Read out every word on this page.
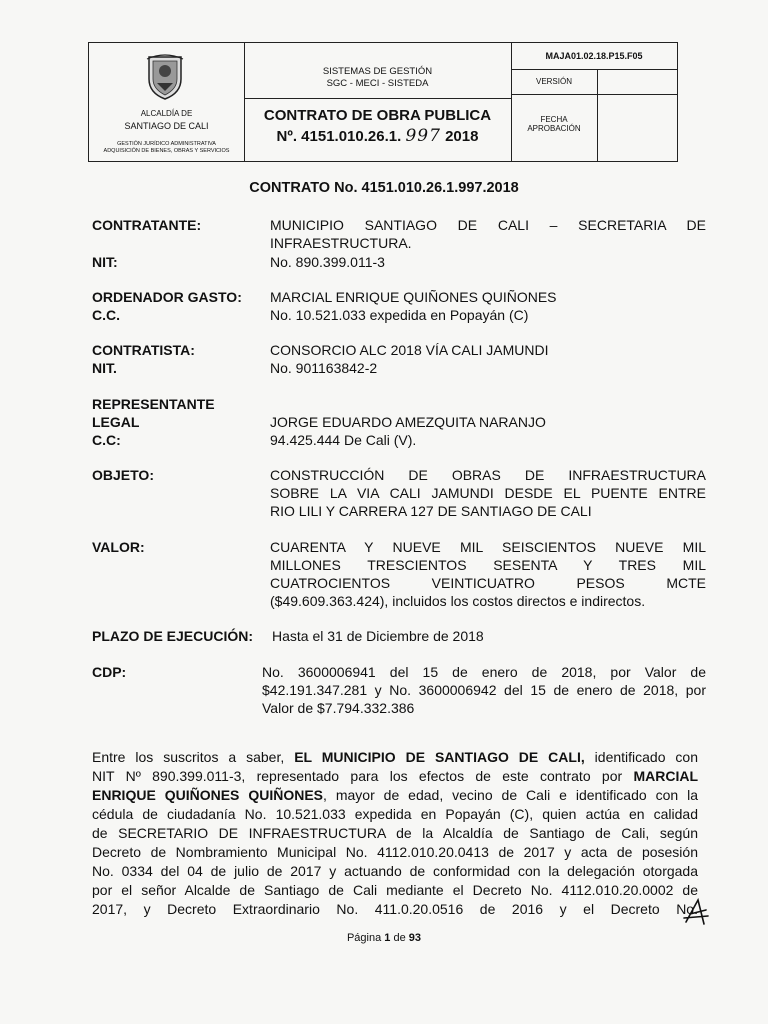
ALCALDÍA DE
SANTIAGO DE CALI
GESTIÓN JURÍDICO ADMINISTRATIVA
ADQUISICIÓN DE BIENES, OBRAS Y SERVICIOS
SISTEMAS DE GESTIÓN
SGC - MECI - SISTEDA
CONTRATO DE OBRA PUBLICA
Nº. 4151.010.26.1. 997 2018
MAJA01.02.18.P15.F05
VERSIÓN
FECHA
APROBACIÓN
CONTRATO No. 4151.010.26.1.997.2018
CONTRATANTE:	MUNICIPIO SANTIAGO DE CALI – SECRETARIA DE
INFRAESTRUCTURA.
NIT:	No. 890.399.011-3
ORDENADOR GASTO: MARCIAL ENRIQUE QUIÑONES QUIÑONES
C.C.	No. 10.521.033 expedida en Popayán (C)
CONTRATISTA:	CONSORCIO ALC 2018 VÍA CALI JAMUNDI
NIT.	No. 901163842-2
REPRESENTANTE
LEGAL	JORGE EDUARDO AMEZQUITA NARANJO
C.C:	94.425.444 De Cali (V).
OBJETO:	CONSTRUCCIÓN DE OBRAS DE INFRAESTRUCTURA
SOBRE LA VIA CALI JAMUNDI DESDE EL PUENTE ENTRE
RIO LILI Y CARRERA 127 DE SANTIAGO DE CALI
VALOR:	CUARENTA Y NUEVE MIL SEISCIENTOS NUEVE MIL
MILLONES TRESCIENTOS SESENTA Y TRES MIL
CUATROCIENTOS VEINTICUATRO PESOS MCTE
($49.609.363.424), incluidos los costos directos e indirectos.
PLAZO DE EJECUCIÓN: Hasta el 31 de Diciembre de 2018
CDP:	No. 3600006941 del 15 de enero de 2018, por Valor de
$42.191.347.281 y No. 3600006942 del 15 de enero de 2018, por
Valor de $7.794.332.386
Entre los suscritos a saber, EL MUNICIPIO DE SANTIAGO DE CALI, identificado con
NIT Nº 890.399.011-3, representado para los efectos de este contrato por MARCIAL
ENRIQUE QUIÑONES QUIÑONES, mayor de edad, vecino de Cali e identificado con la
cédula de ciudadanía No. 10.521.033 expedida en Popayán (C), quien actúa en calidad
de SECRETARIO DE INFRAESTRUCTURA de la Alcaldía de Santiago de Cali, según
Decreto de Nombramiento Municipal No. 4112.010.20.0413 de 2017 y acta de posesión
No. 0334 del 04 de julio de 2017 y actuando de conformidad con la delegación otorgada
por el señor Alcalde de Santiago de Cali mediante el Decreto No. 4112.010.20.0002 de
2017, y Decreto Extraordinario No. 411.0.20.0516 de 2016 y el Decreto No.
Página 1 de 93
